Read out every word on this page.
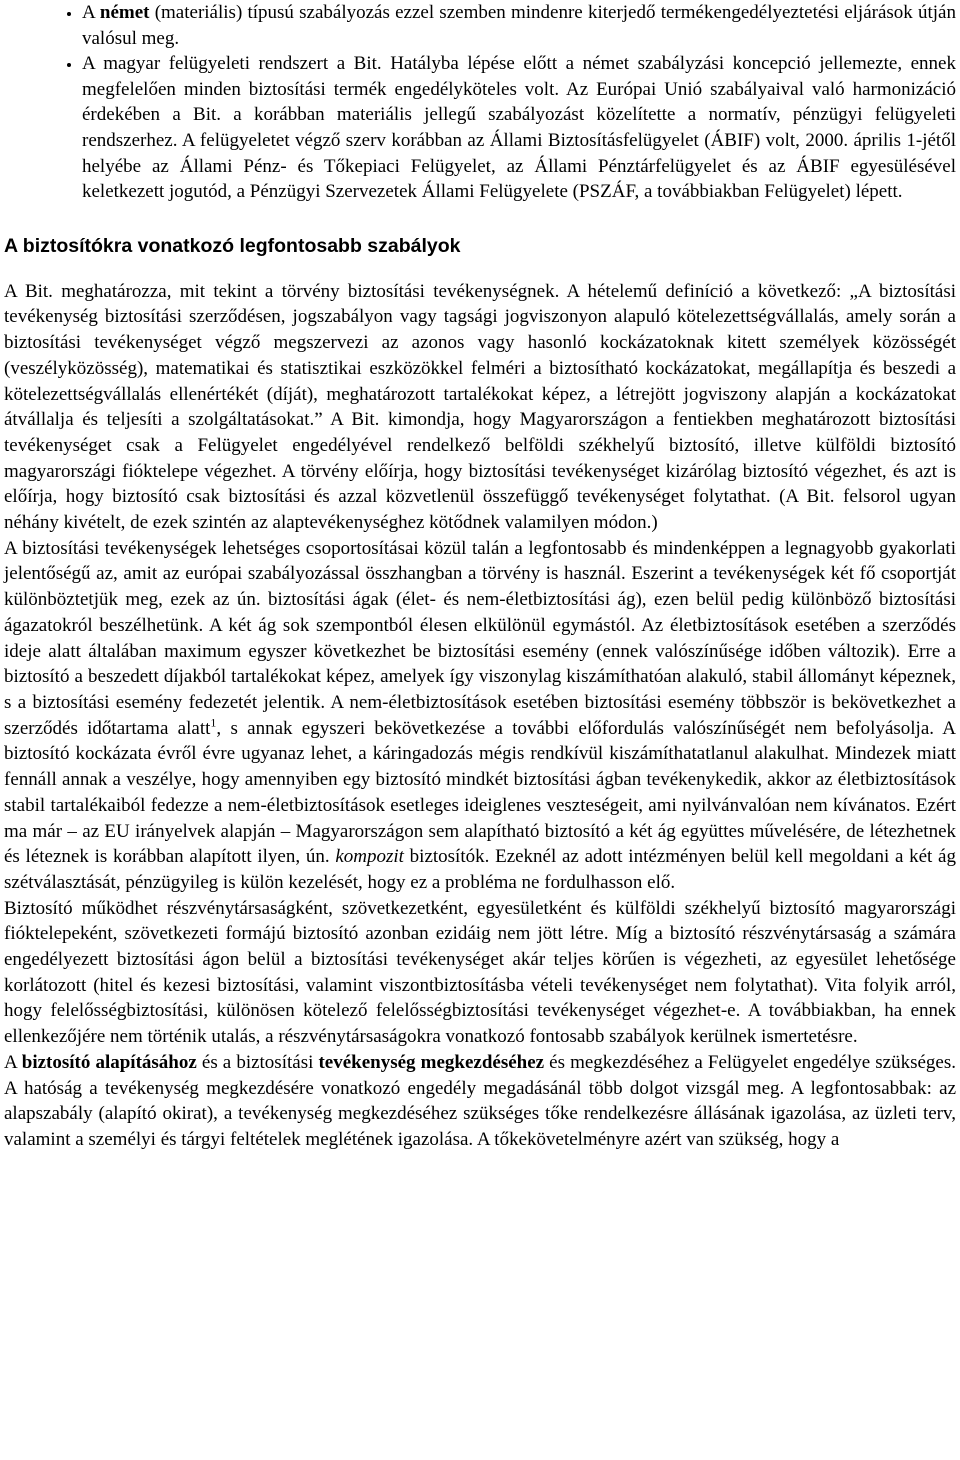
• A német (materiális) típusú szabályozás ezzel szemben mindenre kiterjedő termékengedélyeztetési eljárások útján valósul meg.
• A magyar felügyeleti rendszert a Bit. Hatályba lépése előtt a német szabályzási koncepció jellemezte, ennek megfelelően minden biztosítási termék engedélyköteles volt. Az Európai Unió szabályaival való harmonizáció érdekében a Bit. a korábban materiális jellegű szabályozást közelítette a normatív, pénzügyi felügyeleti rendszerhez. A felügyeletet végző szerv korábban az Állami Biztosításfelügyelet (ÁBIF) volt, 2000. április 1-jétől helyébe az Állami Pénz- és Tőkepiaci Felügyelet, az Állami Pénztárfelügyelet és az ÁBIF egyesülésével keletkezett jogutód, a Pénzügyi Szervezetek Állami Felügyelete (PSZÁF, a továbbiakban Felügyelet) lépett.
A biztosítókra vonatkozó legfontosabb szabályok

A Bit. meghatározza, mit tekint a törvény biztosítási tevékenységnek. A hételemű definíció a következő: „A biztosítási tevékenység biztosítási szerződésen, jogszabályon vagy tagsági jogviszonyon alapuló kötelezettségvállalás, amely során a biztosítási tevékenységet végző megszervezi az azonos vagy hasonló kockázatoknak kitett személyek közösségét (veszélyközösség), matematikai és statisztikai eszközökkel felméri a biztosítható kockázatokat, megállapítja és beszedi a kötelezettségvállalás ellenértékét (díját), meghatározott tartalékokat képez, a létrejött jogviszony alapján a kockázatokat átvállalja és teljesíti a szolgáltatásokat.” A Bit. kimondja, hogy Magyarországon a fentiekben meghatározott biztosítási tevékenységet csak a Felügyelet engedélyével rendelkező belföldi székhelyű biztosító, illetve külföldi biztosító magyarországi fióktelepe végezhet. A törvény előírja, hogy biztosítási tevékenységet kizárólag biztosító végezhet, és azt is előírja, hogy biztosító csak biztosítási és azzal közvetlenül összefüggő tevékenységet folytathat. (A Bit. felsorol ugyan néhány kivételt, de ezek szintén az alaptevékenységhez kötődnek valamilyen módon.)

A biztosítási tevékenységek lehetséges csoportosításai közül talán a legfontosabb és mindenképpen a legnagyobb gyakorlati jelentőségű az, amit az európai szabályozással összhangban a törvény is használ. Eszerint a tevékenységek két fő csoportját különböztetjük meg, ezek az ún. biztosítási ágak (élet- és nem-életbiztosítási ág), ezen belül pedig különböző biztosítási ágazatokról beszélhetünk. A két ág sok szempontból élesen elkülönül egymástól. Az életbiztosítások esetében a szerződés ideje alatt általában maximum egyszer következhet be biztosítási esemény (ennek valószínűsége időben változik). Erre a biztosító a beszedett díjakból tartalékokat képez, amelyek így viszonylag kiszámíthatóan alakuló, stabil állományt képeznek, s a biztosítási esemény fedezetét jelentik. A nem-életbiztosítások esetében biztosítási esemény többször is bekövetkezhet a szerződés időtartama alatt$^1$, s annak egyszeri bekövetkezése a további előfordulás valószínűségét nem befolyásolja. A biztosító kockázata évről évre ugyanaz lehet, a káringadozás mégis rendkívül kiszámíthatatlanul alakulhat. Mindezek miatt fennáll annak a veszélye, hogy amennyiben egy biztosító mindkét biztosítási ágban tevékenykedik, akkor az életbiztosítások stabil tartalékaiból fedezze a nem-életbiztosítások esetleges ideiglenes veszteségeit, ami nyilvánvalóan nem kívánatos. Ezért ma már – az EU irányelvek alapján – Magyarországon sem alapítható biztosító a két ág együttes művelésére, de létezhetnek és léteznek is korábban alapított ilyen, ún. kompozit biztosítók. Ezeknél az adott intézményen belül kell megoldani a két ág szétválasztását, pénzügyileg is külön kezelését, hogy ez a probléma ne fordulhasson elő.

Biztosító működhet részvénytársaságként, szövetkezetként, egyesületként és külföldi székhelyű biztosító magyarországi fióktelepeként, szövetkezeti formájú biztosító azonban ezidáig nem jött létre. Míg a biztosító részvénytársaság a számára engedélyezett biztosítási ágon belül a biztosítási tevékenységet akár teljes körűen is végezheti, az egyesület lehetősége korlátozott (hitel és kezesi biztosítási, valamint viszontbiztosításba vételi tevékenységet nem folytathat). Vita folyik arról, hogy felelősségbiztosítási, különösen kötelező felelősségbiztosítási tevékenységet végezhet-e. A továbbiakban, ha ennek ellenkezőjére nem történik utalás, a részvénytársaságokra vonatkozó fontosabb szabályok kerülnek ismertetésre.

A biztosító alapításához és a biztosítási tevékenység megkezdéséhez és megkezdéséhez a Felügyelet engedélye szükséges. A hatóság a tevékenység megkezdésére vonatkozó engedély megadásánál több dolgot vizsgál meg. A legfontosabbak: az alapszabály (alapító okirat), a tevékenység megkezdéséhez szükséges tőke rendelkezésre állásának igazolása, az üzleti terv, valamint a személyi és tárgyi feltételek meglétének igazolása. A tőkekövetelményre azért van szükség, hogy a
